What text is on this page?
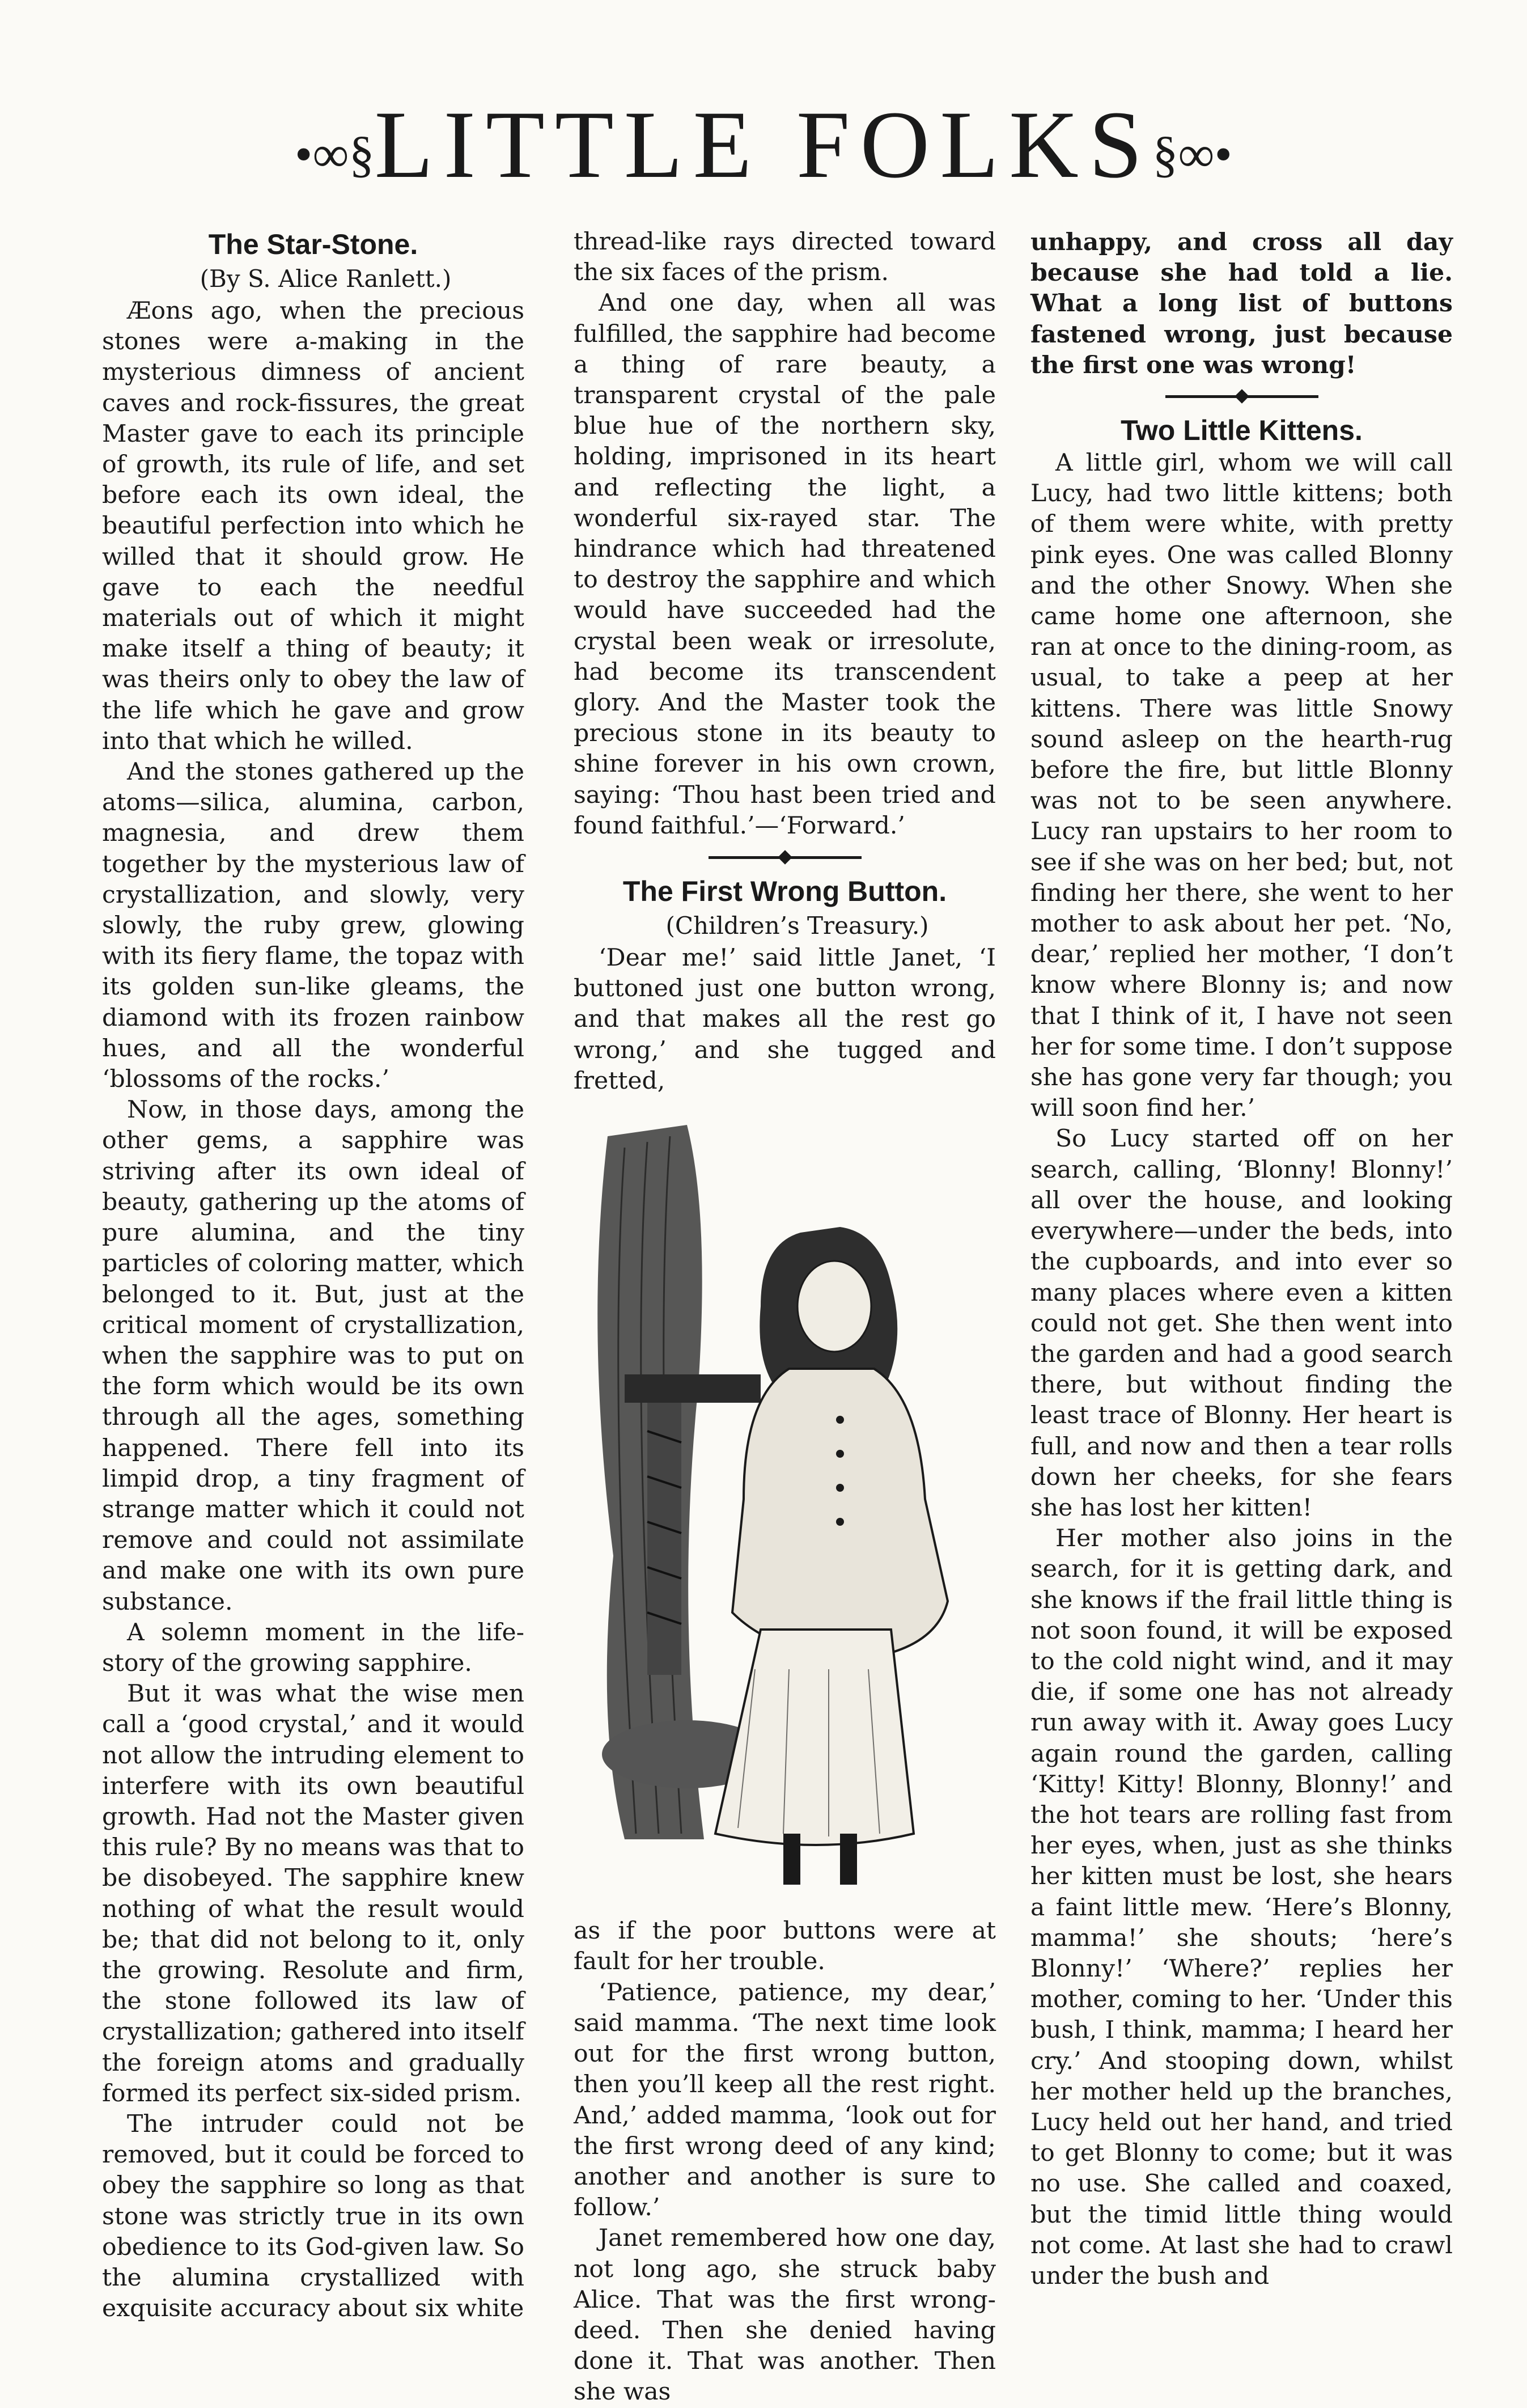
•∞§LITTLE FOLKS§∞•
The Star-Stone.

(By S. Alice Ranlett.)

Æons ago, when the precious stones were a-making in the mysterious dimness of ancient caves and rock-fissures, the great Master gave to each its principle of growth, its rule of life, and set before each its own ideal, the beautiful perfection into which he willed that it should grow. He gave to each the needful materials out of which it might make itself a thing of beauty; it was theirs only to obey the law of the life which he gave and grow into that which he willed.

And the stones gathered up the atoms—silica, alumina, carbon, magnesia, and drew them together by the mysterious law of crystallization, and slowly, very slowly, the ruby grew, glowing with its fiery flame, the topaz with its golden sun-like gleams, the diamond with its frozen rainbow hues, and all the wonderful ‘blossoms of the rocks.’

Now, in those days, among the other gems, a sapphire was striving after its own ideal of beauty, gathering up the atoms of pure alumina, and the tiny particles of coloring matter, which belonged to it. But, just at the critical moment of crystallization, when the sapphire was to put on the form which would be its own through all the ages, something happened. There fell into its limpid drop, a tiny fragment of strange matter which it could not remove and could not assimilate and make one with its own pure substance.

A solemn moment in the life-story of the growing sapphire.

But it was what the wise men call a ‘good crystal,’ and it would not allow the intruding element to interfere with its own beautiful growth. Had not the Master given this rule? By no means was that to be disobeyed. The sapphire knew nothing of what the result would be; that did not belong to it, only the growing. Resolute and firm, the stone followed its law of crystallization; gathered into itself the foreign atoms and gradually formed its perfect six-sided prism.

The intruder could not be removed, but it could be forced to obey the sapphire so long as that stone was strictly true in its own obedience to its God-given law. So the alumina crystallized with exquisite accuracy about six white

thread-like rays directed toward the six faces of the prism.

And one day, when all was fulfilled, the sapphire had become a thing of rare beauty, a transparent crystal of the pale blue hue of the northern sky, holding, imprisoned in its heart and reflecting the light, a wonderful six-rayed star. The hindrance which had threatened to destroy the sapphire and which would have succeeded had the crystal been weak or irresolute, had become its transcendent glory. And the Master took the precious stone in its beauty to shine forever in his own crown, saying: ‘Thou hast been tried and found faithful.’—‘Forward.’

The First Wrong Button.

(Children’s Treasury.)

‘Dear me!’ said little Janet, ‘I buttoned just one button wrong, and that makes all the rest go wrong,’ and she tugged and fretted,

as if the poor buttons were at fault for her trouble.

‘Patience, patience, my dear,’ said mamma. ‘The next time look out for the first wrong button, then you’ll keep all the rest right. And,’ added mamma, ‘look out for the first wrong deed of any kind; another and another is sure to follow.’

Janet remembered how one day, not long ago, she struck baby Alice. That was the first wrong-deed. Then she denied having done it. That was another. Then she was

unhappy, and cross all day because she had told a lie. What a long list of buttons fastened wrong, just because the first one was wrong!

Two Little Kittens.

A little girl, whom we will call Lucy, had two little kittens; both of them were white, with pretty pink eyes. One was called Blonny and the other Snowy. When she came home one afternoon, she ran at once to the dining-room, as usual, to take a peep at her kittens. There was little Snowy sound asleep on the hearth-rug before the fire, but little Blonny was not to be seen anywhere. Lucy ran upstairs to her room to see if she was on her bed; but, not finding her there, she went to her mother to ask about her pet. ‘No, dear,’ replied her mother, ‘I don’t know where Blonny is; and now that I think of it, I have not seen her for some time. I don’t suppose she has gone very far though; you will soon find her.’

So Lucy started off on her search, calling, ‘Blonny! Blonny!’ all over the house, and looking everywhere—under the beds, into the cupboards, and into ever so many places where even a kitten could not get. She then went into the garden and had a good search there, but without finding the least trace of Blonny. Her heart is full, and now and then a tear rolls down her cheeks, for she fears she has lost her kitten!

Her mother also joins in the search, for it is getting dark, and she knows if the frail little thing is not soon found, it will be exposed to the cold night wind, and it may die, if some one has not already run away with it. Away goes Lucy again round the garden, calling ‘Kitty! Kitty! Blonny, Blonny!’ and the hot tears are rolling fast from her eyes, when, just as she thinks her kitten must be lost, she hears a faint little mew. ‘Here’s Blonny, mamma!’ she shouts; ‘here’s Blonny!’ ‘Where?’ replies her mother, coming to her. ‘Under this bush, I think, mamma; I heard her cry.’ And stooping down, whilst her mother held up the branches, Lucy held out her hand, and tried to get Blonny to come; but it was no use. She called and coaxed, but the timid little thing would not come. At last she had to crawl under the bush and
